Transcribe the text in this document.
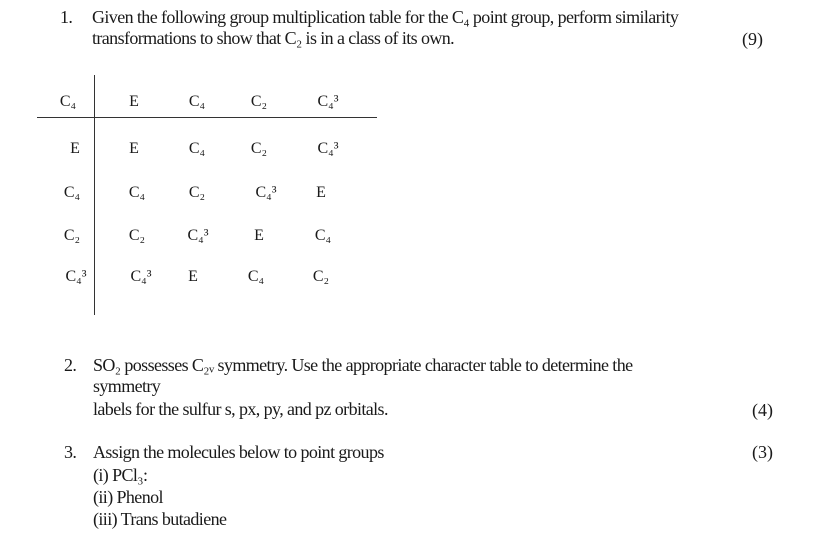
1. Given the following group multiplication table for the C₄ point group, perform similarity
transformations to show that C₂ is in a class of its own.	(9)
C₄	E	C₄	C₂	C₄³
E	E	C₄	C₂	C₄³
C₄	C₄	C₂	C₄³	E
C₂	C₂	C₄³	E	C₄
C₄³	C₄³	E	C₄	C₂
2. SO₂ possesses C₂ᵥ symmetry. Use the appropriate character table to determine the
symmetry
labels for the sulfur s, px, py, and pz orbitals.	(4)
3. Assign the molecules below to point groups	(3)
(i) PCl₃:
(ii) Phenol
(iii) Trans butadiene
